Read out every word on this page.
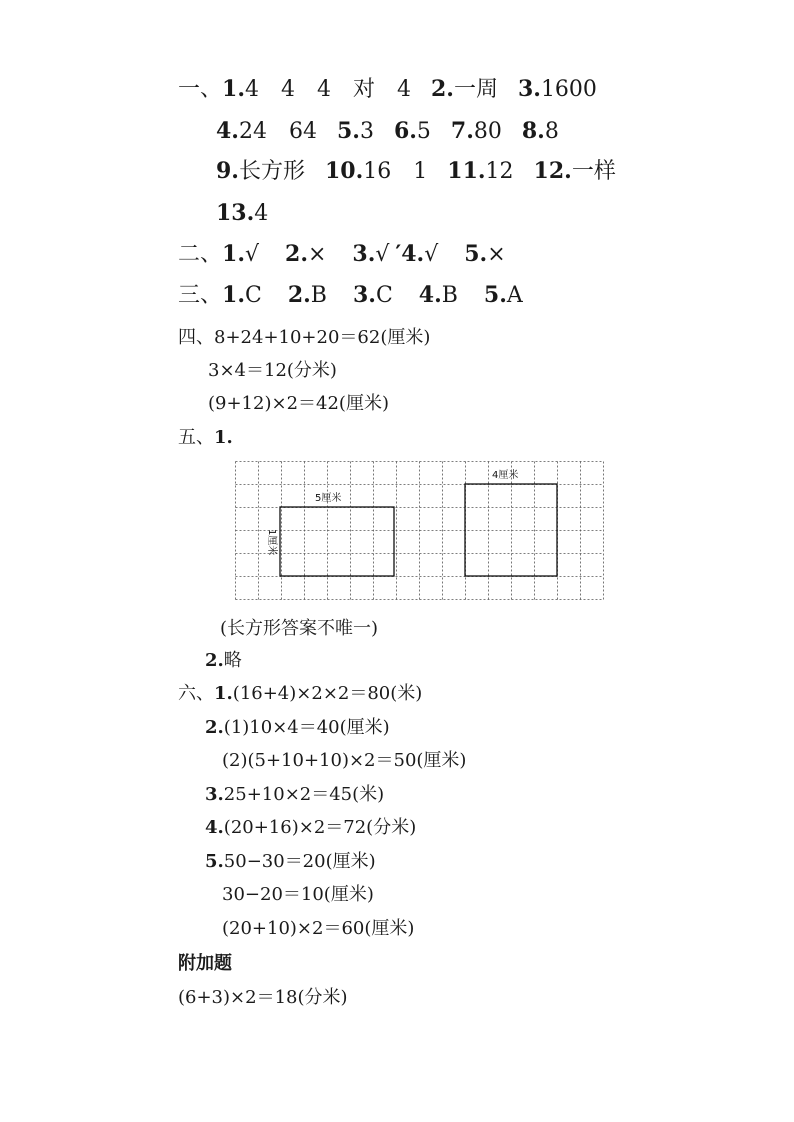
一、1.4　4　4　对　4 2.一周 3.1600
4.24　64 5.3 6.5 7.80 8.8
9.长方形 10.16　1 11.12 12.一样
13.4
二、1.√ 2.× 3.√ ′4.√ 5.×
三、1.C 2.B 3.C 4.B 5.A
四、8+24+10+20＝62(厘米)
3×4＝12(分米)
(9+12)×2＝42(厘米)
五、1.
5厘米
1厘米
4厘米
(长方形答案不唯一)
2.略
六、1.(16+4)×2×2＝80(米)
2.(1)10×4＝40(厘米)
(2)(5+10+10)×2＝50(厘米)
3.25+10×2＝45(米)
4.(20+16)×2＝72(分米)
5.50−30＝20(厘米)
30−20＝10(厘米)
(20+10)×2＝60(厘米)
附加题
(6+3)×2＝18(分米)
